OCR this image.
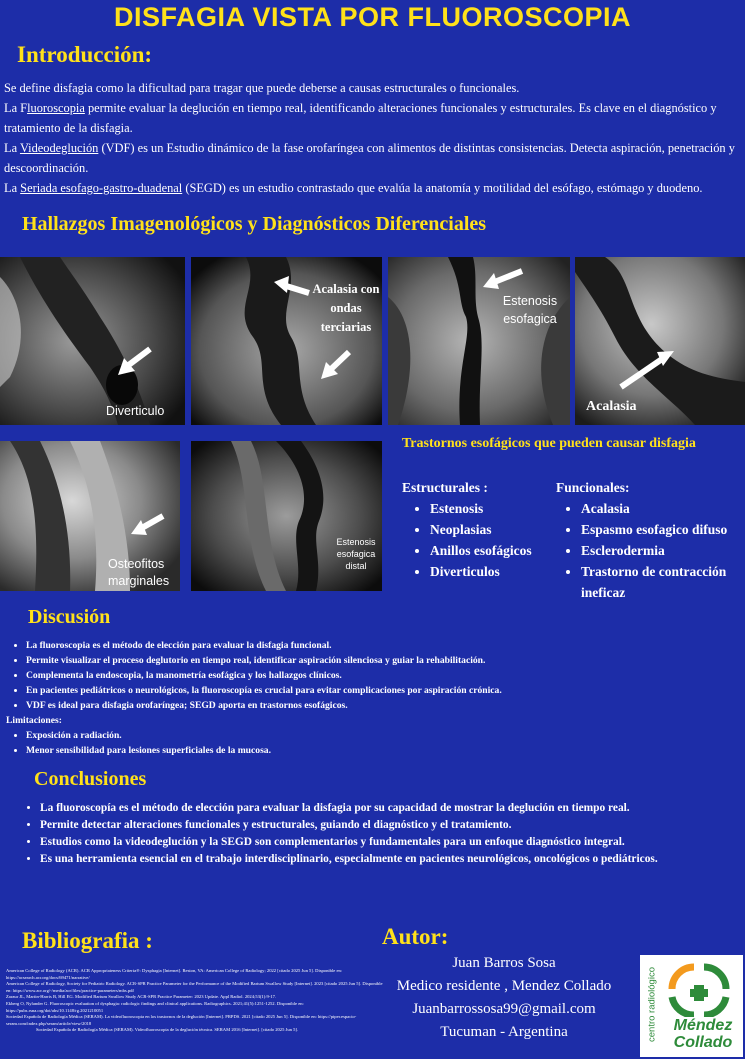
DISFAGIA VISTA POR FLUOROSCOPIA
Introducción:

Se define disfagia como la dificultad para tragar que puede deberse a causas estructurales o funcionales.

La Fluoroscopia permite evaluar la deglución en tiempo real, identificando alteraciones funcionales y estructurales. Es clave en el diagnóstico y tratamiento de la disfagia.

La Videodeglución (VDF) es un Estudio dinámico de la fase orofaríngea con alimentos de distintas consistencias. Detecta aspiración, penetración y descoordinación.

La Seriada esofago-gastro-duadenal (SEGD) es un estudio contrastado que evalúa la anatomía y motilidad del esófago, estómago y duodeno.

Hallazgos Imagenológicos y Diagnósticos Diferenciales
Diverticulo
Acalasia con ondas terciarias
Estenosis esofagica
Acalasia
Osteofitos marginales
Estenosis esofagica distal
Trastornos esofágicos que pueden causar disfagia
Estructurales :
• Estenosis
• Neoplasias
• Anillos esofágicos
• Diverticulos
Funcionales:
• Acalasia
• Espasmo esofagico difuso
• Esclerodermia
• Trastorno de contracción ineficaz
Discusión
• La fluoroscopia es el método de elección para evaluar la disfagia funcional.
• Permite visualizar el proceso deglutorio en tiempo real, identificar aspiración silenciosa y guiar la rehabilitación.
• Complementa la endoscopia, la manometría esofágica y los hallazgos clínicos.
• En pacientes pediátricos o neurológicos, la fluoroscopía es crucial para evitar complicaciones por aspiración crónica.
• VDF es ideal para disfagia orofaríngea; SEGD aporta en trastornos esofágicos.
Limitaciones:
• Exposición a radiación.
• Menor sensibilidad para lesiones superficiales de la mucosa.
Conclusiones
• La fluoroscopía es el método de elección para evaluar la disfagia por su capacidad de mostrar la deglución en tiempo real.
• Permite detectar alteraciones funcionales y estructurales, guiando el diagnóstico y el tratamiento.
• Estudios como la videodeglución y la SEGD son complementarios y fundamentales para un enfoque diagnóstico integral.
• Es una herramienta esencial en el trabajo interdisciplinario, especialmente en pacientes neurológicos, oncológicos o pediátricos.
Bibliografia :

American College of Radiology (ACR). ACR Appropriateness Criteria®: Dysphagia [Internet]. Reston, VA: American College of Radiology; 2022 [citado 2025 Jun 5]. Disponible en: https://acsearch.acr.org/docs/69471/narrative/

American College of Radiology, Society for Pediatric Radiology. ACR-SPR Practice Parameter for the Performance of the Modified Barium Swallow Study [Internet]. 2023 [citado 2025 Jun 5]. Disponible en: https://www.acr.org/-/media/acr/files/practice-parameters/mbs.pdf

Zaraur JL, Martin-Harris B, Hill EG. Modified Barium Swallow Study ACR-SPR Practice Parameter: 2023 Update. Appl Radiol. 2024;53(1):9-17.

Ekberg O, Nylander G. Fluoroscopic evaluation of dysphagia: radiologic findings and clinical applications. Radiographics. 2021;41(5):1251-1252. Disponible en: https://pubs.rsna.org/doi/abs/10.1148/rg.2021210051

Sociedad Española de Radiología Médica (SERAM). La videofluoroscopia en los trastornos de la deglución [Internet]. PRPDS. 2021 [citado 2025 Jun 5]. Disponible en: https://piper.espacio-seram.com/index.php/seram/article/view/2018

Sociedad Española de Radiología Médica (SERAM). Videofluoroscopia de la deglución técnica. SERAM 2016 [Internet]. [citado 2025 Jun 5].

Autor:
Juan Barros Sosa
Medico residente , Mendez Collado
Juanbarrossosa99@gmail.com
Tucuman - Argentina	centro radiológico	Méndez
Collado
